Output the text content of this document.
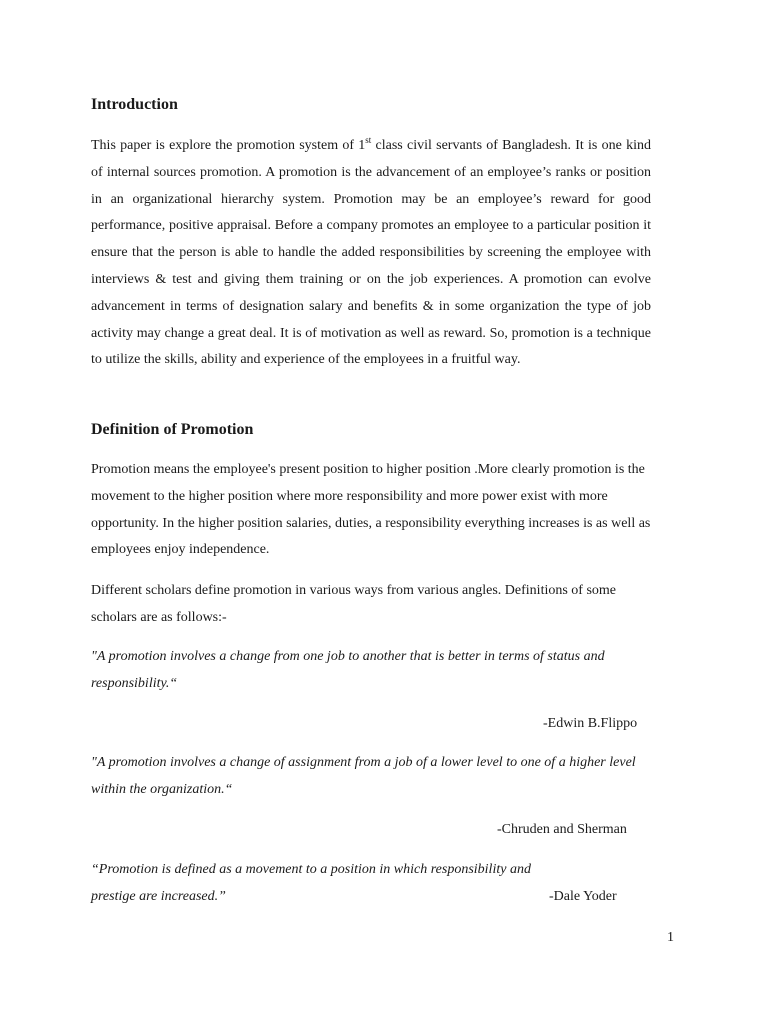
Introduction

This paper is explore the promotion system of 1st class civil servants of Bangladesh. It is one kind of internal sources promotion. A promotion is the advancement of an employee’s ranks or position in an organizational hierarchy system. Promotion may be an employee’s reward for good performance, positive appraisal. Before a company promotes an employee to a particular position it ensure that the person is able to handle the added responsibilities by screening the employee with interviews & test and giving them training or on the job experiences. A promotion can evolve advancement in terms of designation salary and benefits & in some organization the type of job activity may change a great deal. It is of motivation as well as reward. So, promotion is a technique to utilize the skills, ability and experience of the employees in a fruitful way.

Definition of Promotion

Promotion means the employee's present position to higher position .More clearly promotion is the movement to the higher position where more responsibility and more power exist with more opportunity. In the higher position salaries, duties, a responsibility everything increases is as well as employees enjoy independence.

Different scholars define promotion in various ways from various angles. Definitions of some scholars are as follows:-

"A promotion involves a change from one job to another that is better in terms of status and responsibility.“

-Edwin B.Flippo

"A promotion involves a change of assignment from a job of a lower level to one of a higher level within the organization.“

-Chruden and Sherman

“Promotion is defined as a movement to a position in which responsibility and prestige are increased.”	-Dale Yoder

1
